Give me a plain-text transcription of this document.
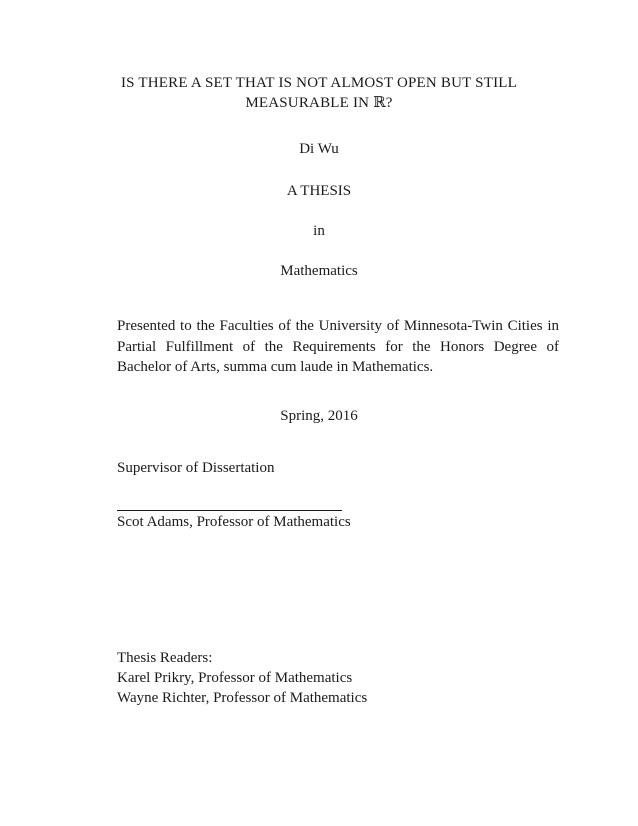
IS THERE A SET THAT IS NOT ALMOST OPEN BUT STILL
MEASURABLE IN ℝ?
Di Wu
A THESIS
in
Mathematics
Presented to the Faculties of the University of Minnesota-Twin Cities in Partial Fulfillment of the Requirements for the Honors Degree of Bachelor of Arts, summa cum laude in Mathematics.
Spring, 2016
Supervisor of Dissertation
Scot Adams, Professor of Mathematics
Thesis Readers:
Karel Prikry, Professor of Mathematics
Wayne Richter, Professor of Mathematics
